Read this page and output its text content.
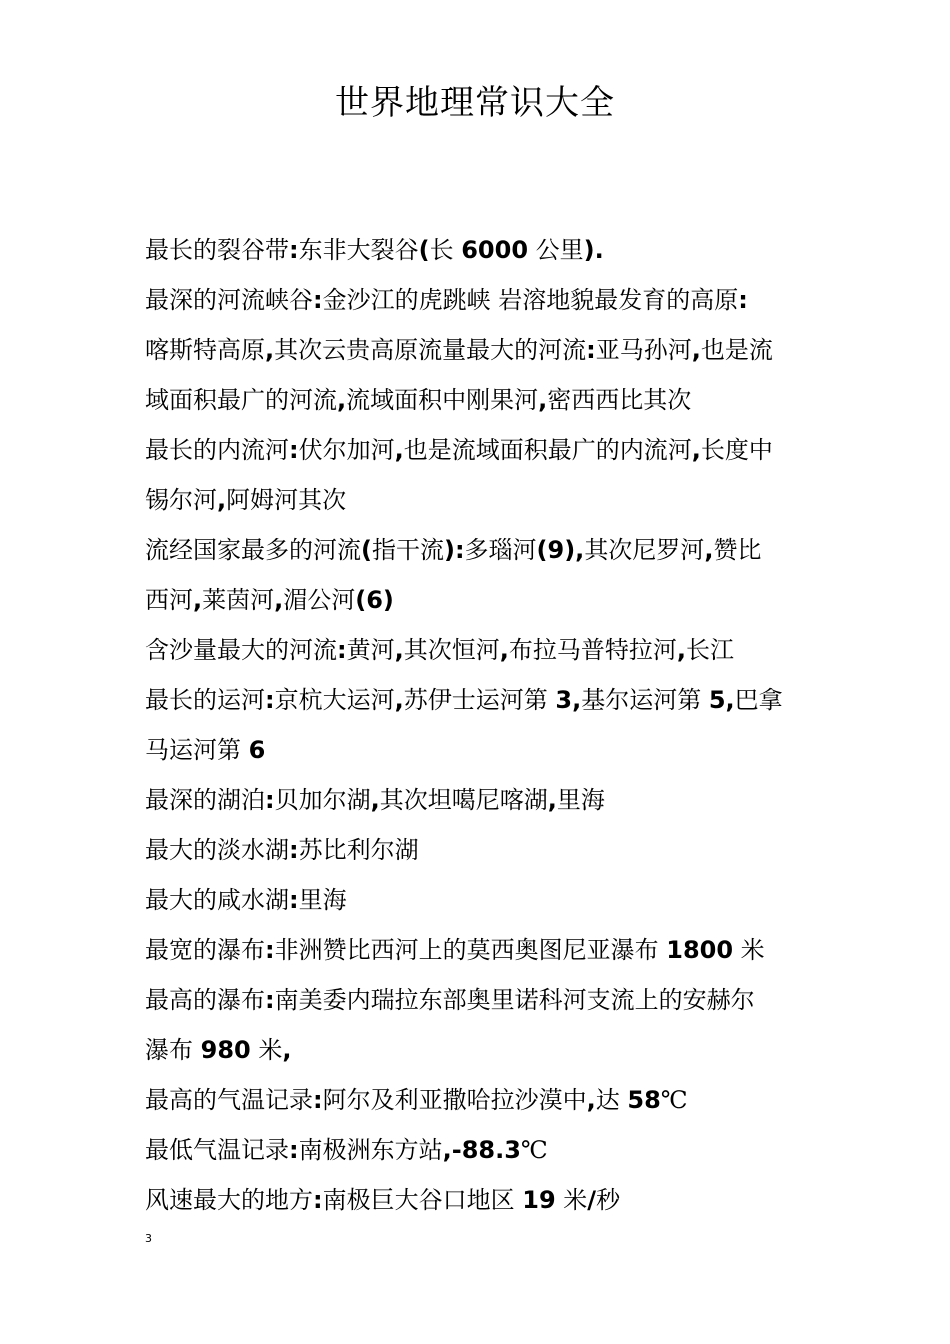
世界地理常识大全
最长的裂谷带:东非大裂谷(长 6000 公里).
最深的河流峡谷:金沙江的虎跳峡 岩溶地貌最发育的高原:
喀斯特高原,其次云贵高原流量最大的河流:亚马孙河,也是流
域面积最广的河流,流域面积中刚果河,密西西比其次
最长的内流河:伏尔加河,也是流域面积最广的内流河,长度中
锡尔河,阿姆河其次
流经国家最多的河流(指干流):多瑙河(9),其次尼罗河,赞比
西河,莱茵河,湄公河(6)
含沙量最大的河流:黄河,其次恒河,布拉马普特拉河,长江
最长的运河:京杭大运河,苏伊士运河第 3,基尔运河第 5,巴拿
马运河第 6
最深的湖泊:贝加尔湖,其次坦噶尼喀湖,里海
最大的淡水湖:苏比利尔湖
最大的咸水湖:里海
最宽的瀑布:非洲赞比西河上的莫西奥图尼亚瀑布 1800 米
最高的瀑布:南美委内瑞拉东部奥里诺科河支流上的安赫尔
瀑布 980 米,
最高的气温记录:阿尔及利亚撒哈拉沙漠中,达 58℃
最低气温记录:南极洲东方站,-88.3℃
风速最大的地方:南极巨大谷口地区 19 米/秒
3
